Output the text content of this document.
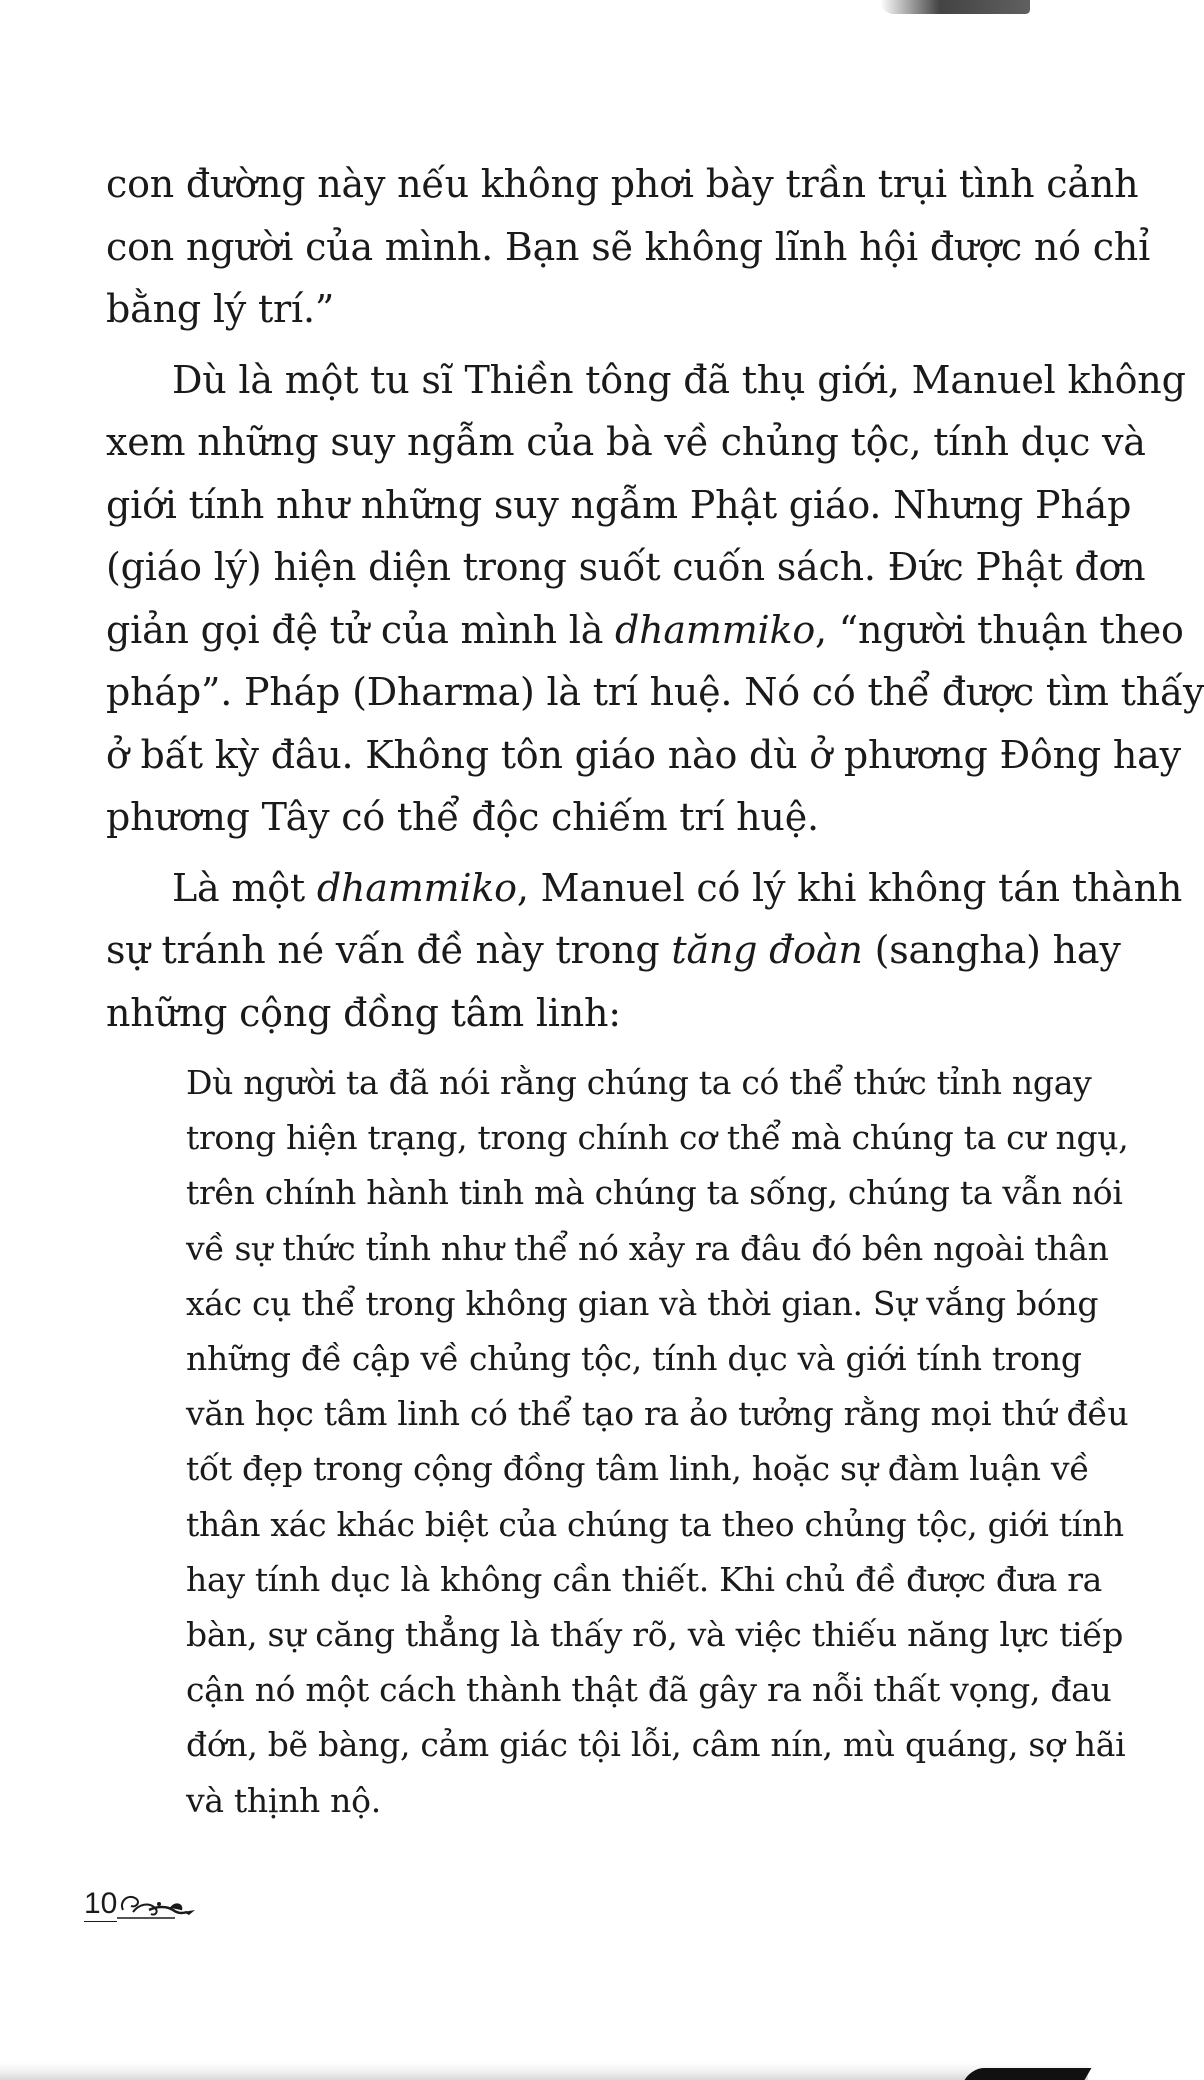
con đường này nếu không phơi bày trần trụi tình cảnh
con người của mình. Bạn sẽ không lĩnh hội được nó chỉ
bằng lý trí.”

Dù là một tu sĩ Thiền tông đã thụ giới, Manuel không
xem những suy ngẫm của bà về chủng tộc, tính dục và
giới tính như những suy ngẫm Phật giáo. Nhưng Pháp
(giáo lý) hiện diện trong suốt cuốn sách. Đức Phật đơn
giản gọi đệ tử của mình là dhammiko, “người thuận theo
pháp”. Pháp (Dharma) là trí huệ. Nó có thể được tìm thấy
ở bất kỳ đâu. Không tôn giáo nào dù ở phương Đông hay
phương Tây có thể độc chiếm trí huệ.

Là một dhammiko, Manuel có lý khi không tán thành
sự tránh né vấn đề này trong tăng đoàn (sangha) hay
những cộng đồng tâm linh:

Dù người ta đã nói rằng chúng ta có thể thức tỉnh ngay
trong hiện trạng, trong chính cơ thể mà chúng ta cư ngụ,
trên chính hành tinh mà chúng ta sống, chúng ta vẫn nói
về sự thức tỉnh như thể nó xảy ra đâu đó bên ngoài thân
xác cụ thể trong không gian và thời gian. Sự vắng bóng
những đề cập về chủng tộc, tính dục và giới tính trong
văn học tâm linh có thể tạo ra ảo tưởng rằng mọi thứ đều
tốt đẹp trong cộng đồng tâm linh, hoặc sự đàm luận về
thân xác khác biệt của chúng ta theo chủng tộc, giới tính
hay tính dục là không cần thiết. Khi chủ đề được đưa ra
bàn, sự căng thẳng là thấy rõ, và việc thiếu năng lực tiếp
cận nó một cách thành thật đã gây ra nỗi thất vọng, đau
đớn, bẽ bàng, cảm giác tội lỗi, câm nín, mù quáng, sợ hãi
và thịnh nộ.
10
